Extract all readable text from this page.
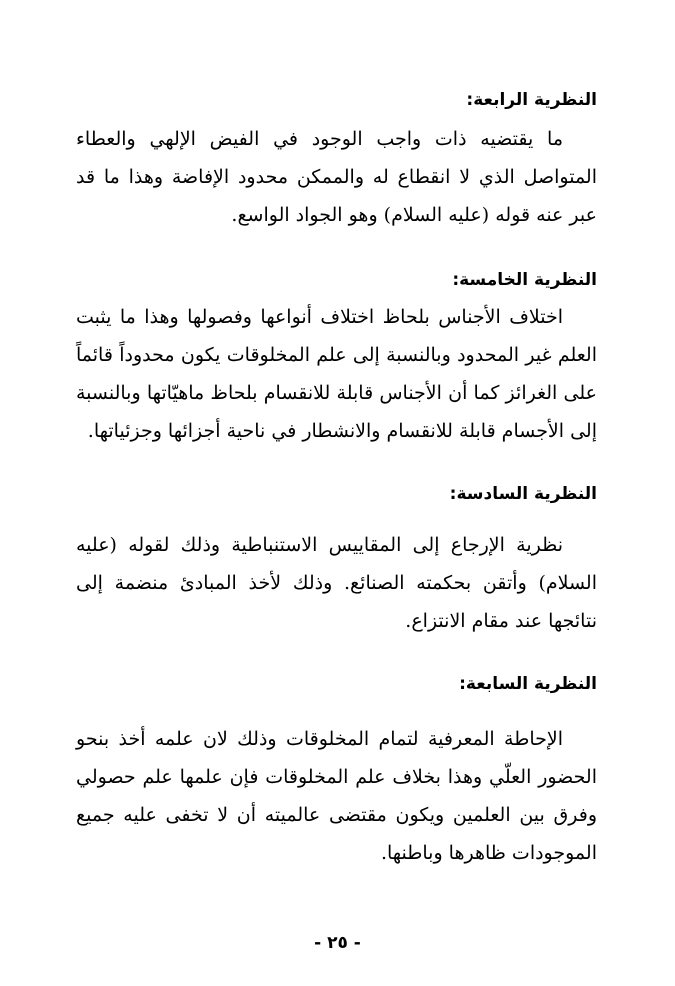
النظرية الرابعة:

ما يقتضيه ذات واجب الوجود في الفيض الإلهي والعطاء المتواصل الذي لا انقطاع له والممكن محدود الإفاضة وهذا ما قد عبر عنه قوله (عليه السلام) وهو الجواد الواسع.

النظرية الخامسة:

اختلاف الأجناس بلحاظ اختلاف أنواعها وفصولها وهذا ما يثبت العلم غير المحدود وبالنسبة إلى علم المخلوقات يكون محدوداً قائماً على الغرائز كما أن الأجناس قابلة للانقسام بلحاظ ماهيّاتها وبالنسبة إلى الأجسام قابلة للانقسام والانشطار في ناحية أجزائها وجزئياتها.

النظرية السادسة:

نظرية الإرجاع إلى المقاييس الاستنباطية وذلك لقوله (عليه السلام) وأتقن بحكمته الصنائع. وذلك لأخذ المبادئ منضمة إلى نتائجها عند مقام الانتزاع.

النظرية السابعة:

الإحاطة المعرفية لتمام المخلوقات وذلك لان علمه أخذ بنحو الحضور العلّي وهذا بخلاف علم المخلوقات فإن علمها علم حصولي وفرق بين العلمين ويكون مقتضى عالميته أن لا تخفى عليه جميع الموجودات ظاهرها وباطنها.

- ٢٥ -
